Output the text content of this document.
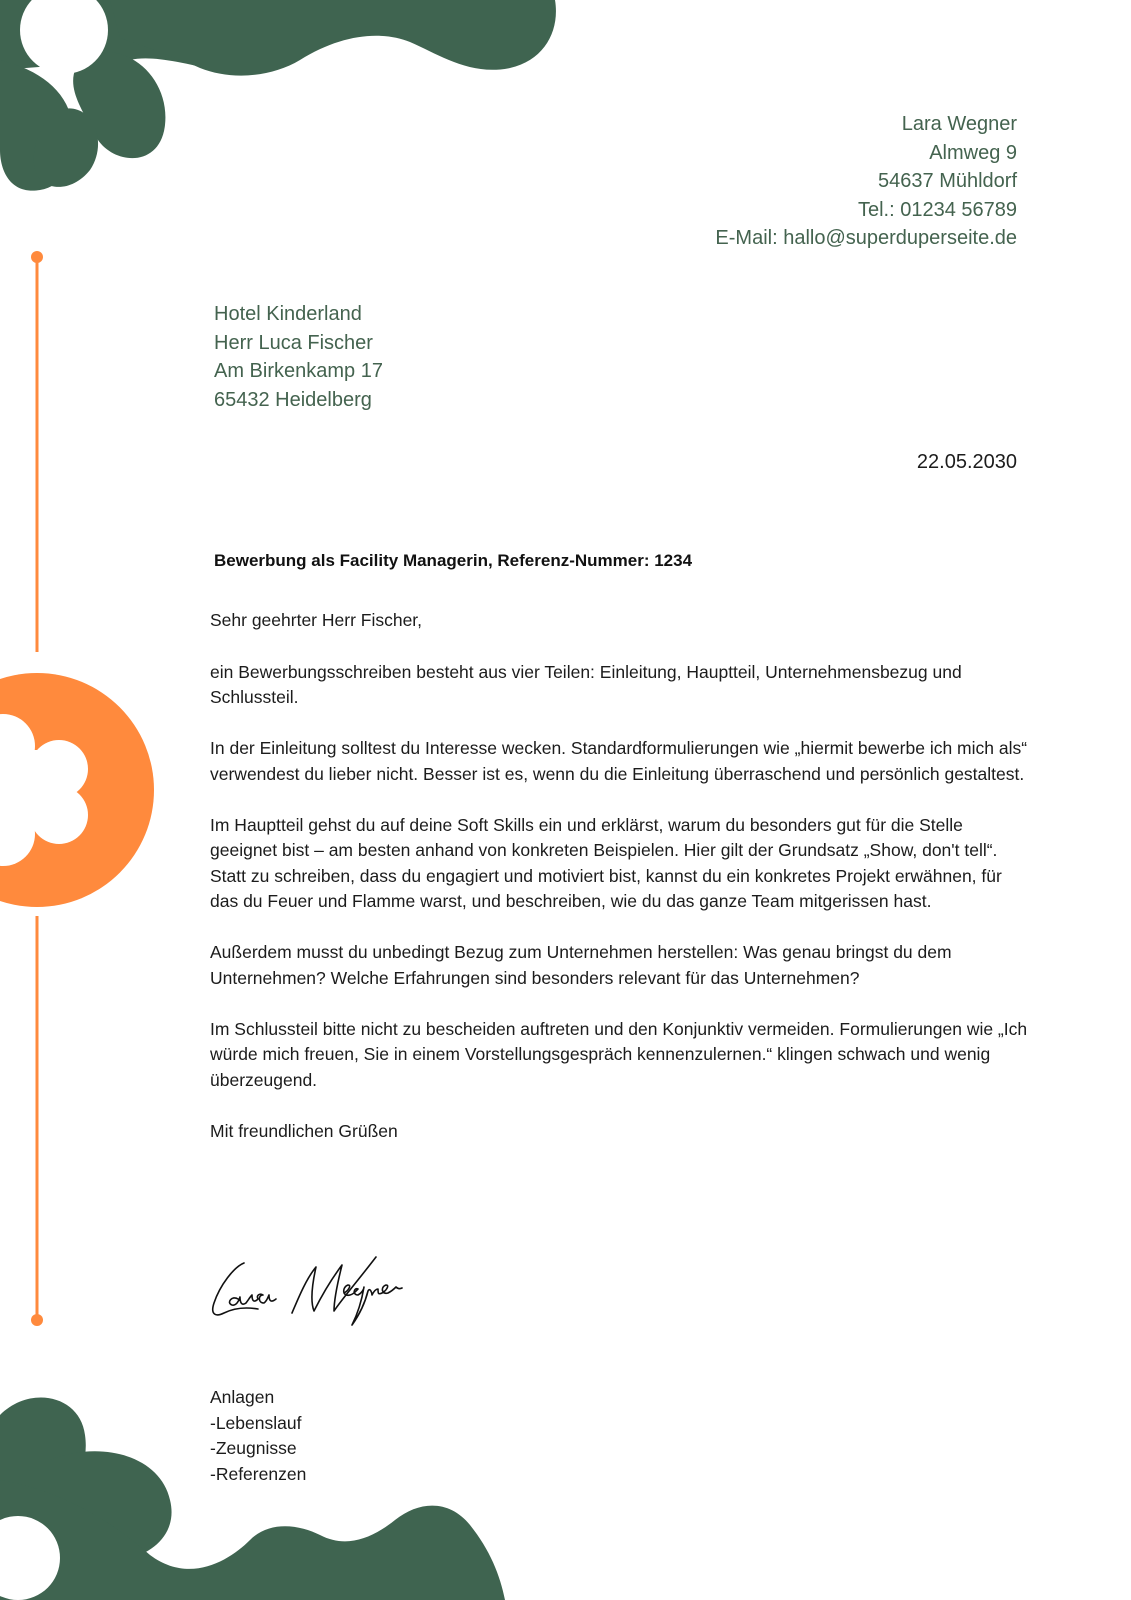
Lara Wegner
Almweg 9
54637 Mühldorf
Tel.: 01234 56789
E-Mail: hallo@superduperseite.de
Hotel Kinderland
Herr Luca Fischer
Am Birkenkamp 17
65432 Heidelberg
22.05.2030
Bewerbung als Facility Managerin, Referenz-Nummer: 1234

Sehr geehrter Herr Fischer,

ein Bewerbungsschreiben besteht aus vier Teilen: Einleitung, Hauptteil, Unternehmensbezug und Schlussteil.

In der Einleitung solltest du Interesse wecken. Standardformulierungen wie „hiermit bewerbe ich mich als“ verwendest du lieber nicht. Besser ist es, wenn du die Einleitung überraschend und persönlich gestaltest.

Im Hauptteil gehst du auf deine Soft Skills ein und erklärst, warum du besonders gut für die Stelle geeignet bist – am besten anhand von konkreten Beispielen. Hier gilt der Grundsatz „Show, don't tell“. Statt zu schreiben, dass du engagiert und motiviert bist, kannst du ein konkretes Projekt erwähnen, für das du Feuer und Flamme warst, und beschreiben, wie du das ganze Team mitgerissen hast.

Außerdem musst du unbedingt Bezug zum Unternehmen herstellen: Was genau bringst du dem Unternehmen? Welche Erfahrungen sind besonders relevant für das Unternehmen?

Im Schlussteil bitte nicht zu bescheiden auftreten und den Konjunktiv vermeiden. Formulierungen wie „Ich würde mich freuen, Sie in einem Vorstellungsgespräch kennenzulernen.“ klingen schwach und wenig überzeugend.

Mit freundlichen Grüßen

Anlagen
-Lebenslauf
-Zeugnisse
-Referenzen
